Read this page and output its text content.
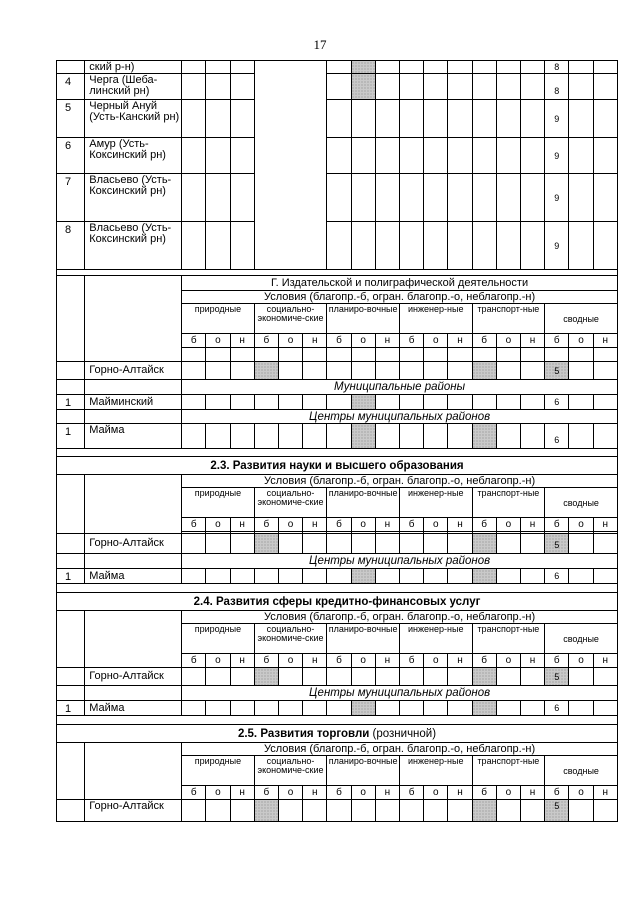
17
	ский р-н)																8		
4	Черга (Шеба-линский рн)																8		
5	Черный Ануй (Усть-Канский рн)																9		
6	Амур (Усть-Коксинский рн)																9		
7	Власьево (Усть-Коксинский рн)																9		
8	Власьево (Усть-Коксинский рн)																9		

		Г. Издательской и полиграфической деятельности																	
		Условия (благопр.-б, огран. благопр.-о, неблагопр.-н)																	
		природные			социально-экономиче-ские			планиро-вочные			инженер-ные			транспорт-ные			сводные		
		б	о	н	б	о	н	б	о	н	б	о	н	б	о	н	б	о	н

	Горно-Алтайск																5		
		Муниципальные районы																	
1	Майминский																6		
		Центры муниципальных районов																	
1	Майма																6		

2.3. Развития науки и высшего образования																			
		Условия (благопр.-б, огран. благопр.-о, неблагопр.-н)																	
		природные			социально-экономиче-ские			планиро-вочные			инженер-ные			транспорт-ные			сводные		
		б	о	н	б	о	н	б	о	н	б	о	н	б	о	н	б	о	н

	Горно-Алтайск																5		
		Центры муниципальных районов																	
1	Майма																6		

2.4. Развития сферы кредитно-финансовых услуг																			
		Условия (благопр.-б, огран. благопр.-о, неблагопр.-н)																	
		природные			социально-экономиче-ские			планиро-вочные			инженер-ные			транспорт-ные			сводные		
		б	о	н	б	о	н	б	о	н	б	о	н	б	о	н	б	о	н
	Горно-Алтайск																5		
		Центры муниципальных районов																	
1	Майма																6		

2.5. Развития торговли (розничной)																			
		Условия (благопр.-б, огран. благопр.-о, неблагопр.-н)																	
		природные			социально-экономиче-ские			планиро-вочные			инженер-ные			транспорт-ные			сводные		
		б	о	н	б	о	н	б	о	н	б	о	н	б	о	н	б	о	н
	Горно-Алтайск																5		
